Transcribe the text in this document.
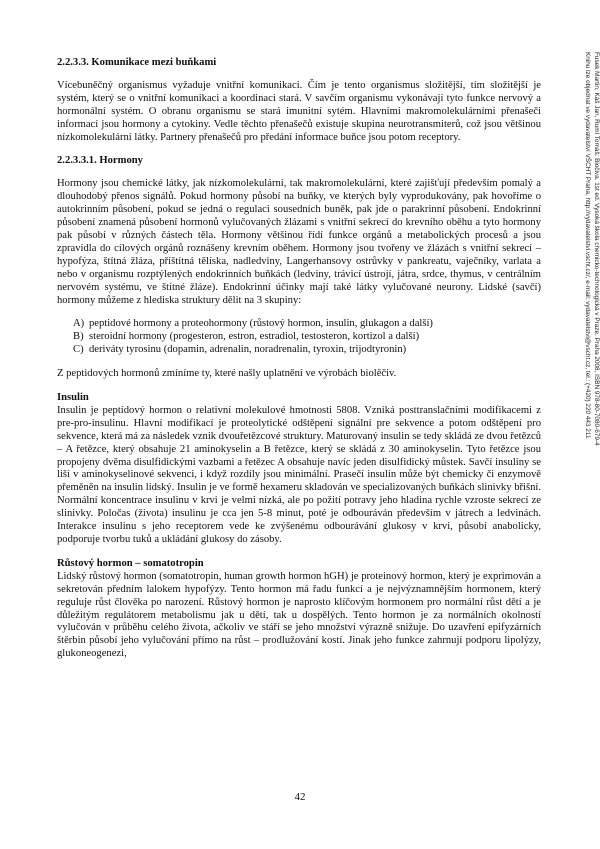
2.2.3.3. Komunikace mezi buňkami
Vícebuněčný organismus vyžaduje vnitřní komunikaci. Čím je tento organismus složitější, tím složitější je systém, který se o vnitřní komunikaci a koordinaci stará. V savčím organismu vykonávají tyto funkce nervový a hormonální systém. O obranu organismu se stará imunitní sytém. Hlavními makromolekulárními přenašeči informací jsou hormony a cytokiny. Vedle těchto přenašečů existuje skupina neurotransmiterů, což jsou většinou nízkomolekulární látky. Partnery přenašečů pro předání informace buňce jsou potom receptory.
2.2.3.3.1. Hormony
Hormony jsou chemické látky, jak nízkomolekulární, tak makromolekulární, které zajišťují především pomalý a dlouhodobý přenos signálů. Pokud hormony působí na buňky, ve kterých byly vyprodukovány, pak hovoříme o autokrinním působení, pokud se jedná o regulaci sousedních buněk, pak jde o parakrinní působení. Endokrinní působení znamená působení hormonů vylučovaných žlázami s vnitřní sekrecí do krevního oběhu a tyto hormony pak působí v různých částech těla. Hormony většinou řídí funkce orgánů a metabolických procesů a jsou zpravidla do cílových orgánů roznášeny krevním oběhem. Hormony jsou tvořeny ve žlázách s vnitřní sekrecí – hypofýza, štítná žláza, příštítná tělíska, nadledviny, Langerhansovy ostrůvky v pankreatu, vaječníky, varlata a nebo v organismu rozptýlených endokrinních buňkách (ledviny, trávicí ústrojí, játra, srdce, thymus, v centrálním nervovém systému, ve štítné žláze). Endokrinní účinky mají také látky vylučované neurony. Lidské (savčí) hormony můžeme z hlediska struktury dělit na 3 skupiny:
A) peptidové hormony a proteohormony (růstový hormon, insulin, glukagon a další)
B) steroidní hormony (progesteron, estron, estradiol, testosteron, kortizol a další)
C) deriváty tyrosinu (dopamin, adrenalin, noradrenalin, tyroxin, trijodtyronin)
Z peptidových hormonů zmíníme ty, které našly uplatnění ve výrobách biolěčiv.
Insulin
Insulin je peptidový hormon o relativní molekulové hmotnosti 5808. Vzniká posttranslačními modifikacemi z pre-pro-insulinu. Hlavní modifikací je proteolytické odštěpení signální pre sekvence a potom odštěpení pro sekvence, která má za následek vznik dvouřetězcové struktury. Maturovaný insulin se tedy skládá ze dvou řetězců – A řetězce, který obsahuje 21 aminokyselin a B řetězce, který se skládá z 30 aminokyselin. Tyto řetězce jsou propojeny dvěma disulfidickými vazbami a řetězec A obsahuje navíc jeden disulfidický můstek. Savčí insuliny se liší v aminokyselinové sekvenci, i když rozdíly jsou minimální. Prasečí insulin může být chemicky či enzymově přeměněn na insulin lidský. Insulin je ve formě hexameru skladován ve specializovaných buňkách slinivky břišní. Normální koncentrace insulinu v krvi je velmi nízká, ale po požití potravy jeho hladina rychle vzroste sekrecí ze slinivky. Poločas (života) insulinu je cca jen 5-8 minut, poté je odbouráván především v játrech a ledvinách. Interakce insulinu s jeho receptorem vede ke zvýšenému odbourávání glukosy v krvi, působí anabolicky, podporuje tvorbu tuků a ukládání glukosy do zásoby.
Růstový hormon – somatotropin
Lidský růstový hormon (somatotropin, human growth hormon hGH) je proteinový hormon, který je exprimován a sekretován předním lalokem hypofýzy. Tento hormon má řadu funkcí a je nejvýznamnějším hormonem, který reguluje růst člověka po narození. Růstový hormon je naprosto klíčovým hormonem pro normální růst dětí a je důležitým regulátorem metabolismu jak u dětí, tak u dospělých. Tento hormon je za normálních okolností vylučován v průběhu celého života, ačkoliv ve stáří se jeho množství výrazně snižuje. Do uzavření epifyzárních štěrbin působí jeho vylučování přímo na růst – prodlužování kostí. Jinak jeho funkce zahrnují podporu lipolýzy, glukoneogenezi,
42
Fusek Martin, Káš Jan, Ruml Tomáš: Biočiva. 1st ed. Vysoká škola chemicko-technologická v Praze, Praha 2008, ISBN 978-80-7080-679-4
Knihu lze objednat ve vydavatelství VŠCHT Praha, http://vydavatelstvi.vscht.cz/, e-mail: vydavatelstvi@vscht.cz, tel.: (+420) 220 443 211
